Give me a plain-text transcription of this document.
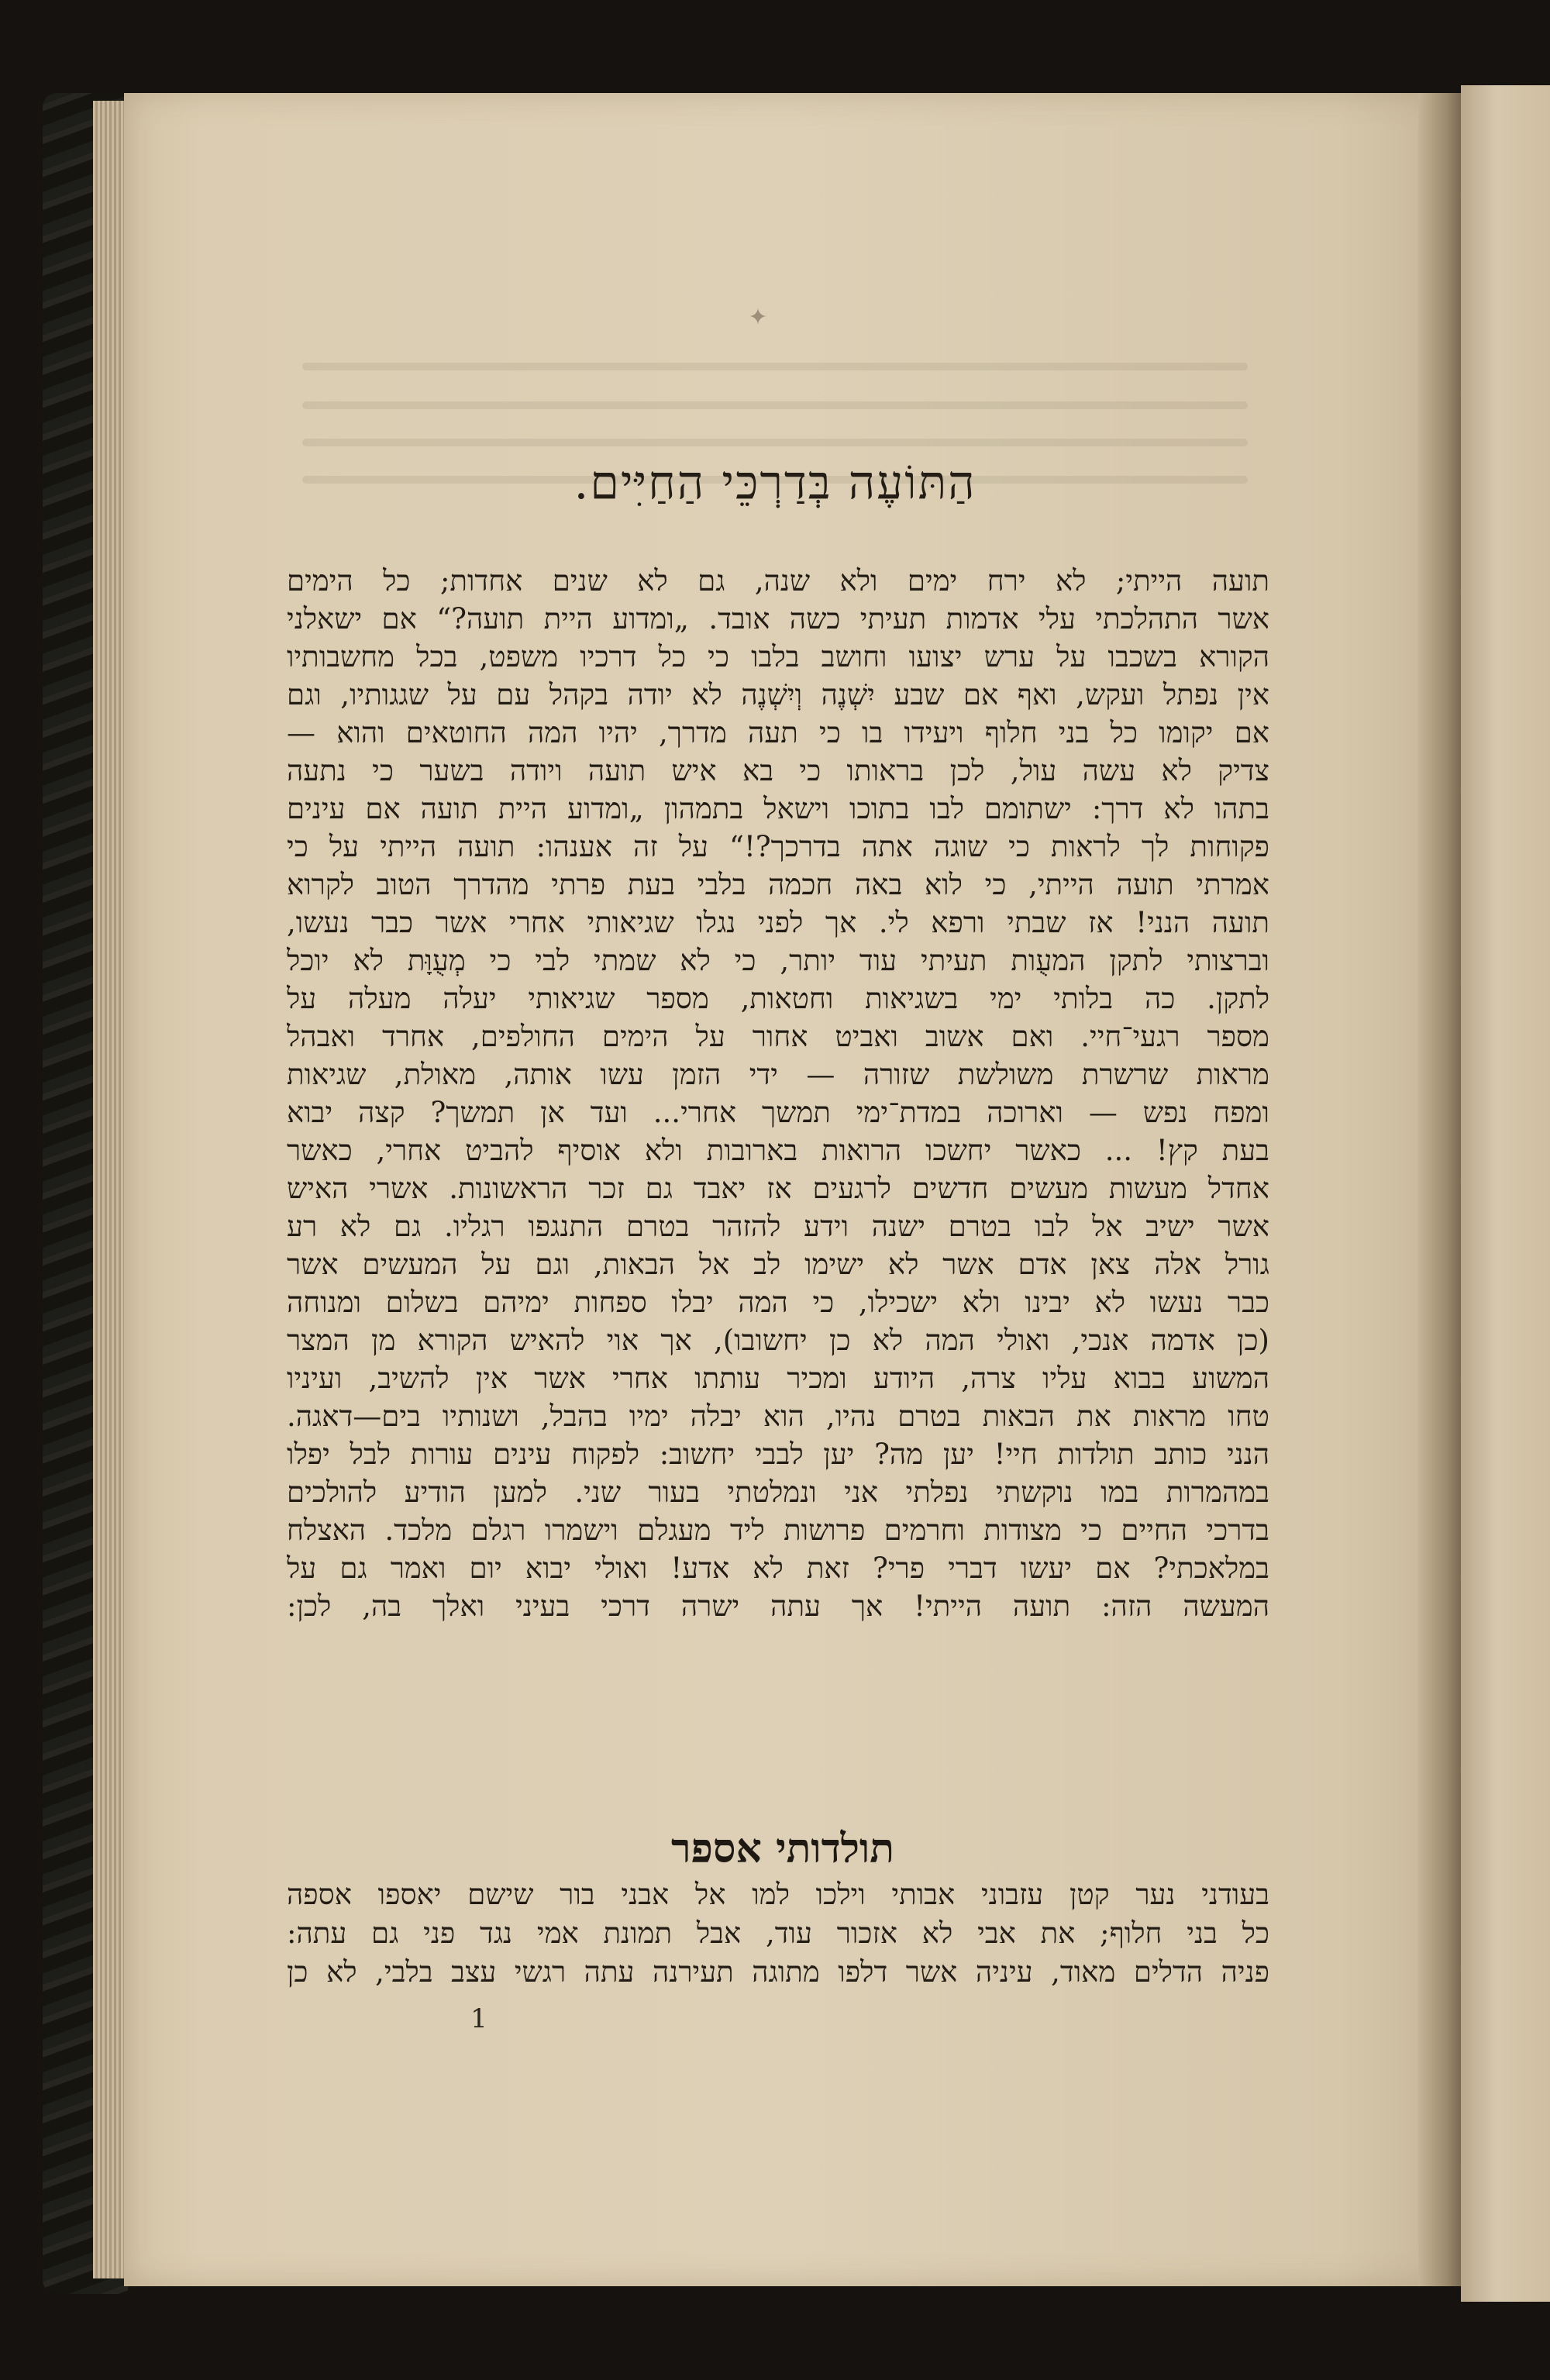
✦
הַתּוֹעֶה בְּדַרְכֵּי הַחַיִּים.
תועה הייתי; לא ירח ימים ולא שנה, גם לא שנים אחדות; כל הימים
אשר התהלכתי עלי אדמות תעיתי כשה אובד. „ומדוע היית תועה?“ אם ישאלני
הקורא בשכבו על ערש יצועו וחושב בלבו כי כל דרכיו משפט, בכל מחשבותיו
אין נפתל ועקש, ואף אם שבע יִשְׁנֶה וְיִשְׁנֶה לא יודה בקהל עם על שגגותיו, וגם
אם יקומו כל בני חלוף ויעידו בו כי תעה מדרך, יהיו המה החוטאים והוא —
צדיק לא עשה עול, לכן בראותו כי בא איש תועה ויודה בשער כי נתעה
בתהו לא דרך: ישתומם לבו בתוכו וישאל בתמהון „ומדוע היית תועה אם עינים
פקוחות לך לראות כי שוגה אתה בדרכך?!“ על זה אענהו: תועה הייתי על כי
אמרתי תועה הייתי, כי לוא באה חכמה בלבי בעת פרתי מהדרך הטוב לקרוא
תועה הנני! אז שבתי ורפא לי. אך לפני נגלו שגיאותי אחרי אשר כבר נעשו,
וברצותי לתקן המעֻות תעיתי עוד יותר, כי לא שמתי לבי כי מְעֻוָּת לא יוכל
לתקן. כה בלותי ימי בשגיאות וחטאות, מספר שגיאותי יעלה מעלה על
מספר רגעי־חיי. ואם אשוב ואביט אחור על הימים החולפים, אחרד ואבהל
מראות שרשרת משולשת שזורה — ידי הזמן עשו אותה, מאולת, שגיאות
ומפח נפש — וארוכה במדת־ימי תמשך אחרי... ועד אן תמשך? קצה יבוא
בעת קץ! ... כאשר יחשכו הרואות בארובות ולא אוסיף להביט אחרי, כאשר
אחדל מעשות מעשים חדשים לרגעים אז יאבד גם זכר הראשונות. אשרי האיש
אשר ישיב אל לבו בטרם ישנה וידע להזהר בטרם התנגפו רגליו. גם לא רע
גורל אלה צאן אדם אשר לא ישימו לב אל הבאות, וגם על המעשים אשר
כבר נעשו לא יבינו ולא ישכילו, כי המה יבלו ספחות ימיהם בשלום ומנוחה
(כן אדמה אנכי, ואולי המה לא כן יחשובו), אך אוי להאיש הקורא מן המצר
המשוע בבוא עליו צרה, היודע ומכיר עותתו אחרי אשר אין להשיב, ועיניו
טחו מראות את הבאות בטרם נהיו, הוא יבלה ימיו בהבל, ושנותיו בים—דאגה.
הנני כותב תולדות חיי! יען מה? יען לבבי יחשוב: לפקוח עינים עורות לבל יפלו
במהמרות במו נוקשתי נפלתי אני ונמלטתי בעור שני. למען הודיע להולכים
בדרכי החיים כי מצודות וחרמים פרושות ליד מעגלם וישמרו רגלם מלכד. האצלח
במלאכתי? אם יעשו דברי פרי? זאת לא אדע! ואולי יבוא יום ואמר גם על
המעשה הזה: תועה הייתי! אך עתה ישרה דרכי בעיני ואלך בה, לכן:
תולדותי אספר
בעודני נער קטן עזבוני אבותי וילכו למו אל אבני בור שישם יאספו אספה
כל בני חלוף; את אבי לא אזכור עוד, אבל תמונת אמי נגד פני גם עתה:
פניה הדלים מאוד, עיניה אשר דלפו מתוגה תעירנה עתה רגשי עצב בלבי, לא כן
1
